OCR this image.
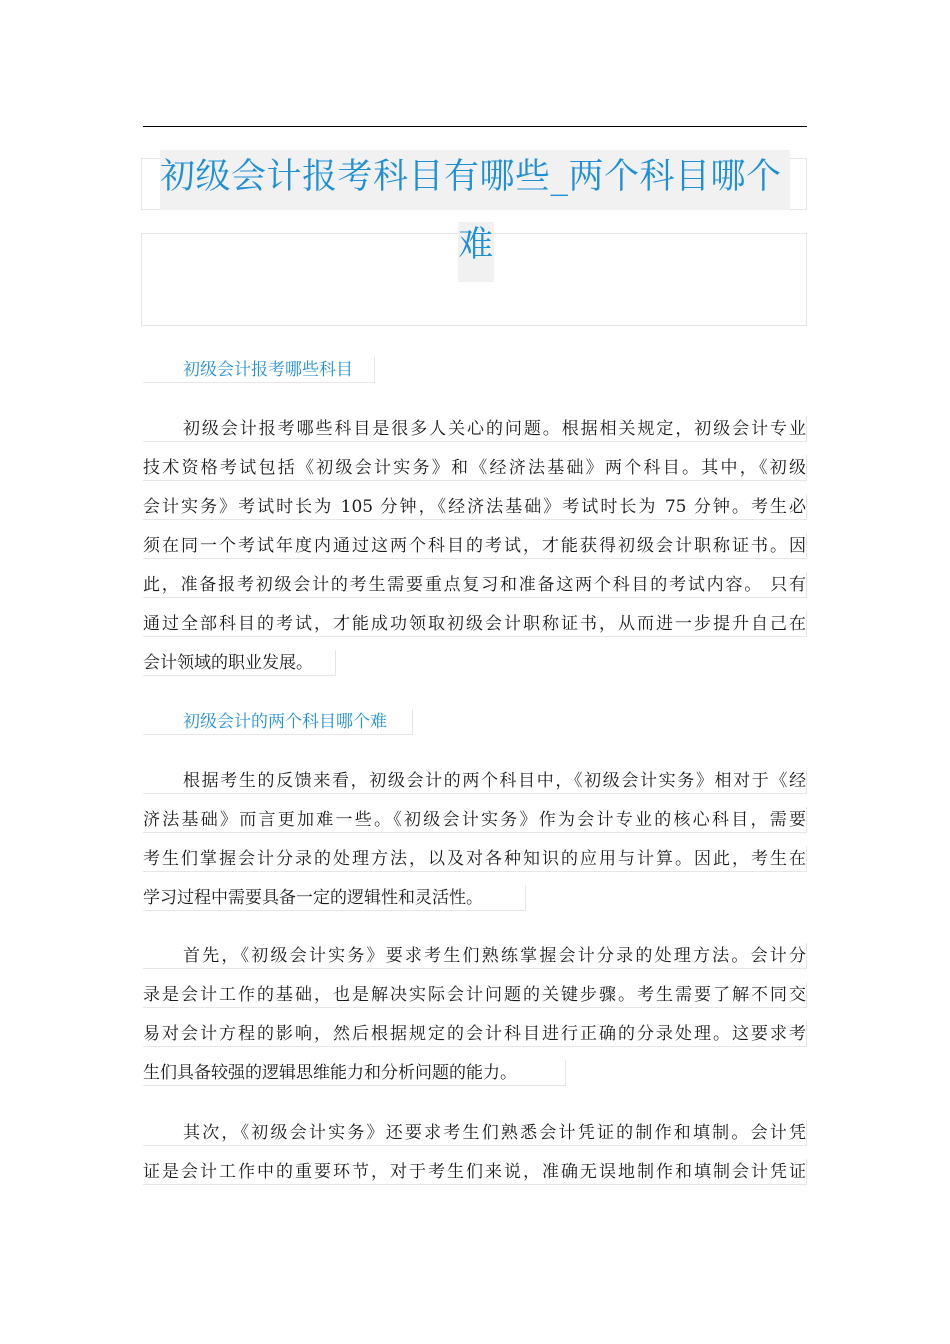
初级会计报考科目有哪些_两个科目哪个
难
初级会计报考哪些科目
初级会计报考哪些科目是很多人关心的问题。根据相关规定，初级会计专业
技术资格考试包括《初级会计实务》和《经济法基础》两个科目。其中，《初级
会计实务》考试时长为 105 分钟，《经济法基础》考试时长为 75 分钟。考生必
须在同一个考试年度内通过这两个科目的考试，才能获得初级会计职称证书。因
此，准备报考初级会计的考生需要重点复习和准备这两个科目的考试内容。 只有
通过全部科目的考试，才能成功领取初级会计职称证书，从而进一步提升自己在
会计领域的职业发展。
初级会计的两个科目哪个难
根据考生的反馈来看，初级会计的两个科目中，《初级会计实务》相对于《经
济法基础》而言更加难一些。《初级会计实务》作为会计专业的核心科目，需要
考生们掌握会计分录的处理方法，以及对各种知识的应用与计算。因此，考生在
学习过程中需要具备一定的逻辑性和灵活性。
首先，《初级会计实务》要求考生们熟练掌握会计分录的处理方法。会计分
录是会计工作的基础，也是解决实际会计问题的关键步骤。考生需要了解不同交
易对会计方程的影响，然后根据规定的会计科目进行正确的分录处理。这要求考
生们具备较强的逻辑思维能力和分析问题的能力。
其次，《初级会计实务》还要求考生们熟悉会计凭证的制作和填制。会计凭
证是会计工作中的重要环节，对于考生们来说，准确无误地制作和填制会计凭证
